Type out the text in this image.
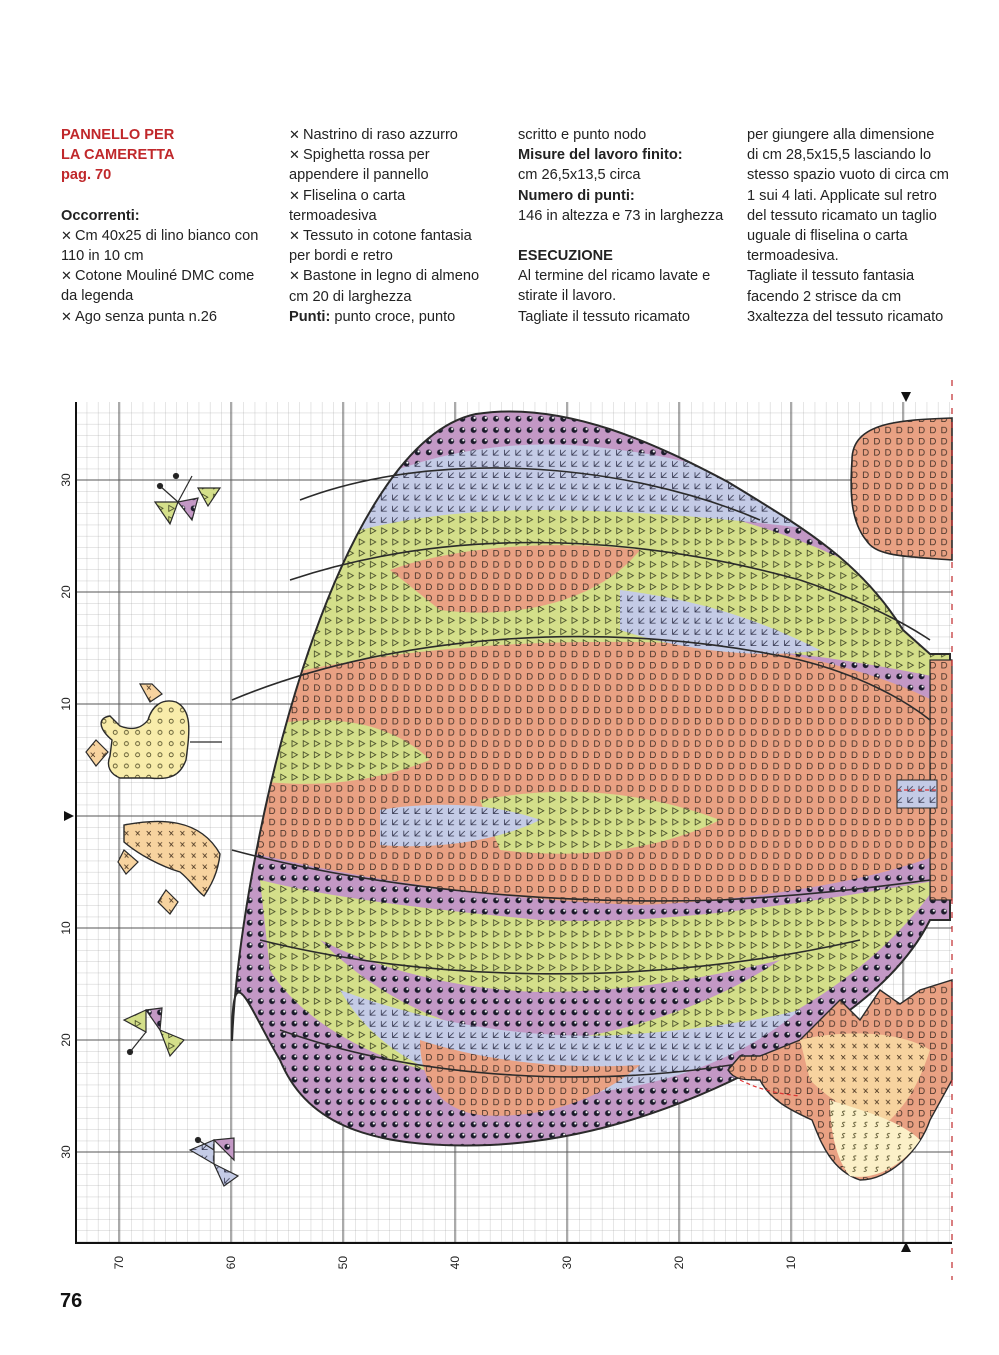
PANNELLO PER
LA CAMERETTA
pag. 70
Occorrenti:
✕ Cm 40x25 di lino bianco con
110 in 10 cm
✕ Cotone Mouliné DMC come
da legenda
✕ Ago senza punta n.26
✕ Nastrino di raso azzurro
✕ Spighetta rossa per
appendere il pannello
✕ Fliselina o carta
termoadesiva
✕ Tessuto in cotone fantasia
per bordi e retro
✕ Bastone in legno di almeno
cm 20 di larghezza
Punti: punto croce, punto
scritto e punto nodo
Misure del lavoro finito:
cm 26,5x13,5 circa
Numero di punti:
146 in altezza e 73 in larghezza
ESECUZIONE
Al termine del ricamo lavate e
stirate il lavoro.
Tagliate il tessuto ricamato
per giungere alla dimensione
di cm 28,5x15,5 lasciando lo
stesso spazio vuoto di circa cm
1 sui 4 lati. Applicate sul retro
del tessuto ricamato un taglio
uguale di fliselina o carta
termoadesiva.
Tagliate il tessuto fantasia
facendo 2 strisce da cm
3xaltezza del tessuto ricamato
30
20
10
10
20
30
70	60	50	40	30	20	10
76
